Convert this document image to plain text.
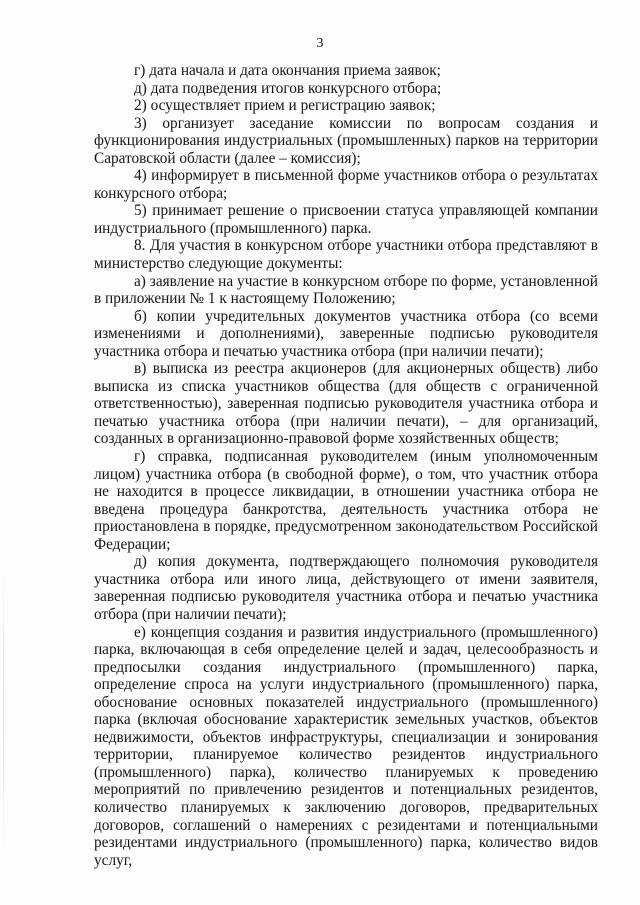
3

г) дата начала и дата окончания приема заявок;

д) дата подведения итогов конкурсного отбора;

2) осуществляет прием и регистрацию заявок;

3) организует заседание комиссии по вопросам создания и функционирования индустриальных (промышленных) парков на территории Саратовской области (далее – комиссия);

4) информирует в письменной форме участников отбора о результатах конкурсного отбора;

5) принимает решение о присвоении статуса управляющей компании индустриального (промышленного) парка.

8. Для участия в конкурсном отборе участники отбора представляют в министерство следующие документы:

а) заявление на участие в конкурсном отборе по форме, установленной в приложении № 1 к настоящему Положению;

б) копии учредительных документов участника отбора (со всеми изменениями и дополнениями), заверенные подписью руководителя участника отбора и печатью участника отбора (при наличии печати);

в) выписка из реестра акционеров (для акционерных обществ) либо выписка из списка участников общества (для обществ с ограниченной ответственностью), заверенная подписью руководителя участника отбора и печатью участника отбора (при наличии печати), – для организаций, созданных в организационно-правовой форме хозяйственных обществ;

г) справка, подписанная руководителем (иным уполномоченным лицом) участника отбора (в свободной форме), о том, что участник отбора не находится в процессе ликвидации, в отношении участника отбора не введена процедура банкротства, деятельность участника отбора не приостановлена в порядке, предусмотренном законодательством Российской Федерации;

д) копия документа, подтверждающего полномочия руководителя участника отбора или иного лица, действующего от имени заявителя, заверенная подписью руководителя участника отбора и печатью участника отбора (при наличии печати);

е) концепция создания и развития индустриального (промышленного) парка, включающая в себя определение целей и задач, целесообразность и предпосылки создания индустриального (промышленного) парка, определение спроса на услуги индустриального (промышленного) парка, обоснование основных показателей индустриального (промышленного) парка (включая обоснование характеристик земельных участков, объектов недвижимости, объектов инфраструктуры, специализации и зонирования территории, планируемое количество резидентов индустриального (промышленного) парка), количество планируемых к проведению мероприятий по привлечению резидентов и потенциальных резидентов, количество планируемых к заключению договоров, предварительных договоров, соглашений о намерениях с резидентами и потенциальными резидентами индустриального (промышленного) парка, количество видов услуг,
